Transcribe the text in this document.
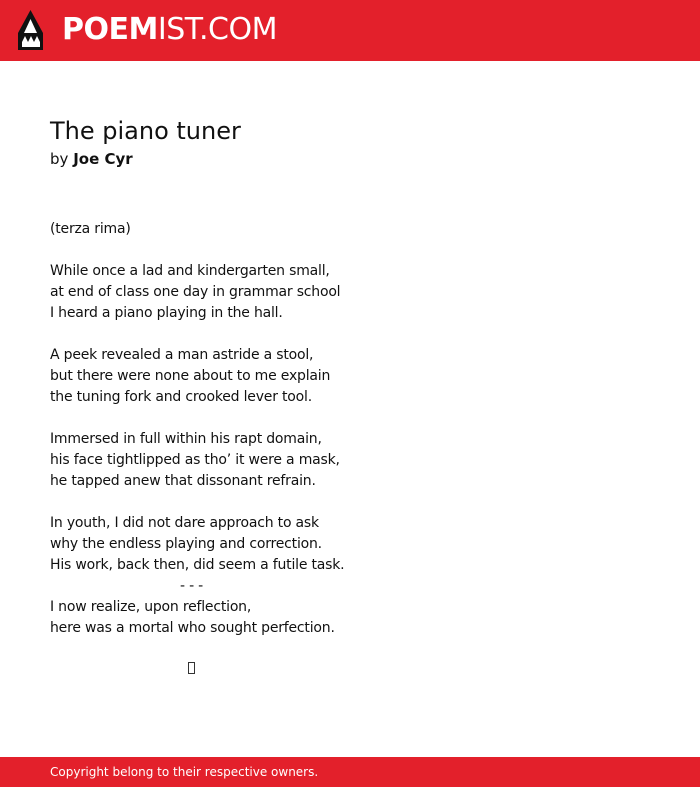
POEMIST.COM
The piano tuner
by Joe Cyr
(terza rima)
While once a lad and kindergarten small,
at end of class one day in grammar school
I heard a piano playing in the hall.
A peek revealed a man astride a stool,
but there were none about to me explain
the tuning fork and crooked lever tool.
Immersed in full within his rapt domain,
his face tightlipped as tho’ it were a mask,
he tapped anew that dissonant refrain.
In youth, I did not dare approach to ask
why the endless playing and correction.
His work, back then, did seem a futile task.
- - -
I now realize, upon reflection,
here was a mortal who sought perfection.
Copyright belong to their respective owners.
